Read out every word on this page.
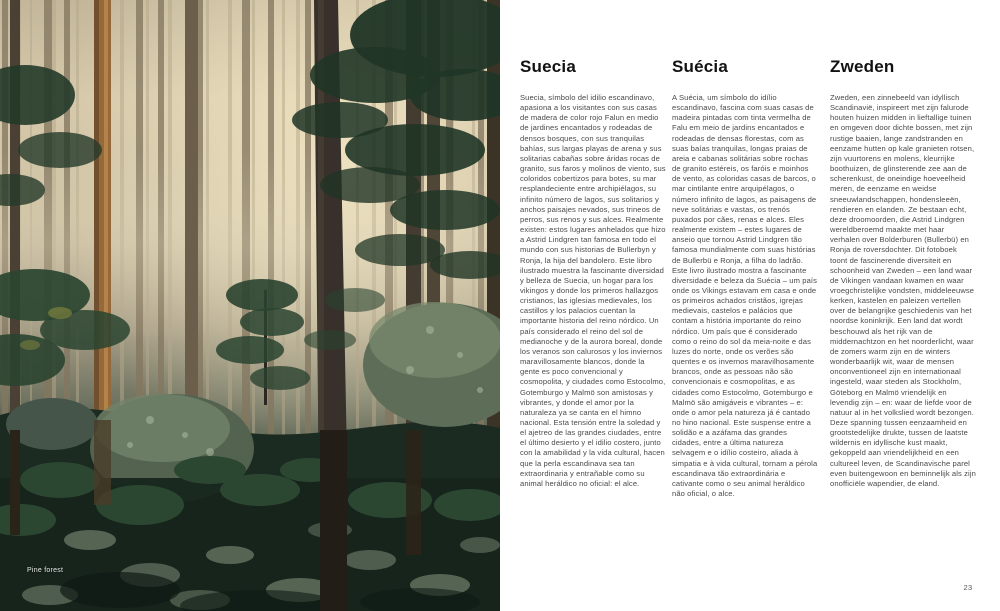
Pine forest
Suecia

Suecia, símbolo del idilio escandinavo, apasiona a los visitantes con sus casas de madera de color rojo Falun en medio de jardines encantados y rodeadas de densos bosques, con sus tranquilas bahías, sus largas playas de arena y sus solitarias cabañas sobre áridas rocas de granito, sus faros y molinos de viento, sus coloridos cobertizos para botes, su mar resplandeciente entre archipiélagos, su infinito número de lagos, sus solitarios y anchos paisajes nevados, sus trineos de perros, sus renos y sus alces. Realmente existen: estos lugares anhelados que hizo a Astrid Lindgren tan famosa en todo el mundo con sus historias de Bullerbyn y Ronja, la hija del bandolero. Este libro ilustrado muestra la fascinante diversidad y belleza de Suecia, un hogar para los vikingos y donde los primeros hallazgos cristianos, las iglesias medievales, los castillos y los palacios cuentan la importante historia del reino nórdico. Un país considerado el reino del sol de medianoche y de la aurora boreal, donde los veranos son calurosos y los inviernos maravillosamente blancos, donde la gente es poco convencional y cosmopolita, y ciudades como Estocolmo, Gotemburgo y Malmö son amistosas y vibrantes, y donde el amor por la naturaleza ya se canta en el himno nacional. Esta tensión entre la soledad y el ajetreo de las grandes ciudades, entre el último desierto y el idilio costero, junto con la amabilidad y la vida cultural, hacen que la perla escandinava sea tan extraordinaria y entrañable como su animal heráldico no oficial: el alce.

Suécia

A Suécia, um símbolo do idílio escandinavo, fascina com suas casas de madeira pintadas com tinta vermelha de Falu em meio de jardins encantados e rodeadas de densas florestas, com as suas baías tranquilas, longas praias de areia e cabanas solitárias sobre rochas de granito estéreis, os faróis e moinhos de vento, as coloridas casas de barcos, o mar cintilante entre arquipélagos, o número infinito de lagos, as paisagens de neve solitárias e vastas, os trenós puxados por cães, renas e alces. Eles realmente existem – estes lugares de anseio que tornou Astrid Lindgren tão famosa mundialmente com suas histórias de Bullerbü e Ronja, a filha do ladrão. Este livro ilustrado mostra a fascinante diversidade e beleza da Suécia – um país onde os Vikings estavam em casa e onde os primeiros achados cristãos, igrejas medievais, castelos e palácios que contam a história importante do reino nórdico. Um país que é considerado como o reino do sol da meia-noite e das luzes do norte, onde os verões são quentes e os invernos maravilhosamente brancos, onde as pessoas não são convencionais e cosmopolitas, e as cidades como Estocolmo, Gotemburgo e Malmö são amigáveis e vibrantes – e: onde o amor pela natureza já é cantado no hino nacional. Este suspense entre a solidão e a azáfama das grandes cidades, entre a última natureza selvagem e o idílio costeiro, aliada à simpatia e à vida cultural, tornam a pérola escandinava tão extraordinária e cativante como o seu animal heráldico não oficial, o alce.

Zweden

Zweden, een zinnebeeld van idyllisch Scandinavië, inspireert met zijn falurode houten huizen midden in lieftallige tuinen en omgeven door dichte bossen, met zijn rustige baaien, lange zandstranden en eenzame hutten op kale granieten rotsen, zijn vuurtorens en molens, kleurrijke boothuizen, de glinsterende zee aan de scherenkust, de oneindige hoeveelheid meren, de eenzame en weidse sneeuwlandschappen, hondensleeën, rendieren en elanden. Ze bestaan echt, deze droomoorden, die Astrid Lindgren wereldberoemd maakte met haar verhalen over Bolderburen (Bullerbü) en Ronja de roversdochter. Dit fotoboek toont de fascinerende diversiteit en schoonheid van Zweden – een land waar de Vikingen vandaan kwamen en waar vroegchristelijke vondsten, middeleeuwse kerken, kastelen en paleizen vertellen over de belangrijke geschiedenis van het noordse koninkrijk. Een land dat wordt beschouwd als het rijk van de middernachtzon en het noorderlicht, waar de zomers warm zijn en de winters wonderbaarlijk wit, waar de mensen onconventioneel zijn en internationaal ingesteld, waar steden als Stockholm, Göteborg en Malmö vriendelijk en levendig zijn – en: waar de liefde voor de natuur al in het volkslied wordt bezongen. Deze spanning tussen eenzaamheid en grootstedelijke drukte, tussen de laatste wildernis en idyllische kust maakt, gekoppeld aan vriendelijkheid en een cultureel leven, de Scandinavische parel even buitengewoon en beminnelijk als zijn onofficiële wapendier, de eland.

23
